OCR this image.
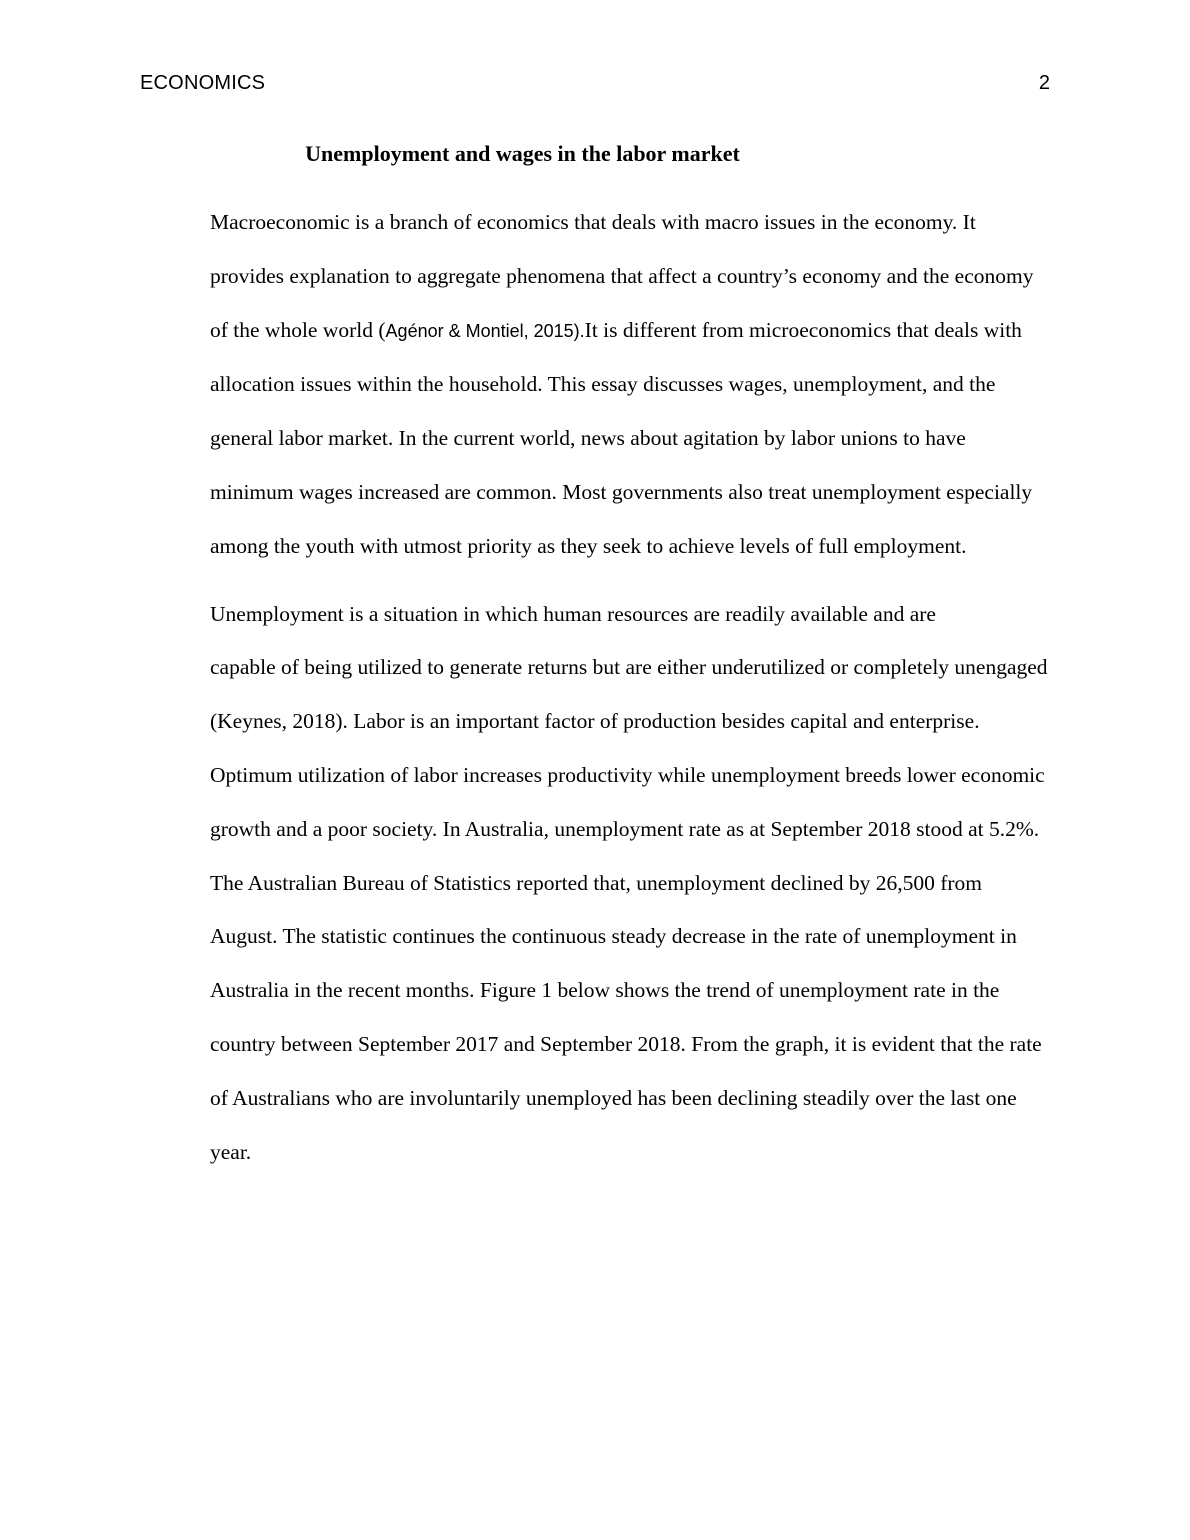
ECONOMICS	2
Unemployment and wages in the labor market

Macroeconomic is a branch of economics that deals with macro issues in the economy. It
provides explanation to aggregate phenomena that affect a country’s economy and the economy
of the whole world (Agénor & Montiel, 2015).It is different from microeconomics that deals with
allocation issues within the household. This essay discusses wages, unemployment, and the
general labor market. In the current world, news about agitation by labor unions to have
minimum wages increased are common. Most governments also treat unemployment especially
among the youth with utmost priority as they seek to achieve levels of full employment.

Unemployment is a situation in which human resources are readily available and are
capable of being utilized to generate returns but are either underutilized or completely unengaged
(Keynes, 2018). Labor is an important factor of production besides capital and enterprise.
Optimum utilization of labor increases productivity while unemployment breeds lower economic
growth and a poor society. In Australia, unemployment rate as at September 2018 stood at 5.2%.
The Australian Bureau of Statistics reported that, unemployment declined by 26,500 from
August. The statistic continues the continuous steady decrease in the rate of unemployment in
Australia in the recent months. Figure 1 below shows the trend of unemployment rate in the
country between September 2017 and September 2018. From the graph, it is evident that the rate
of Australians who are involuntarily unemployed has been declining steadily over the last one
year.
